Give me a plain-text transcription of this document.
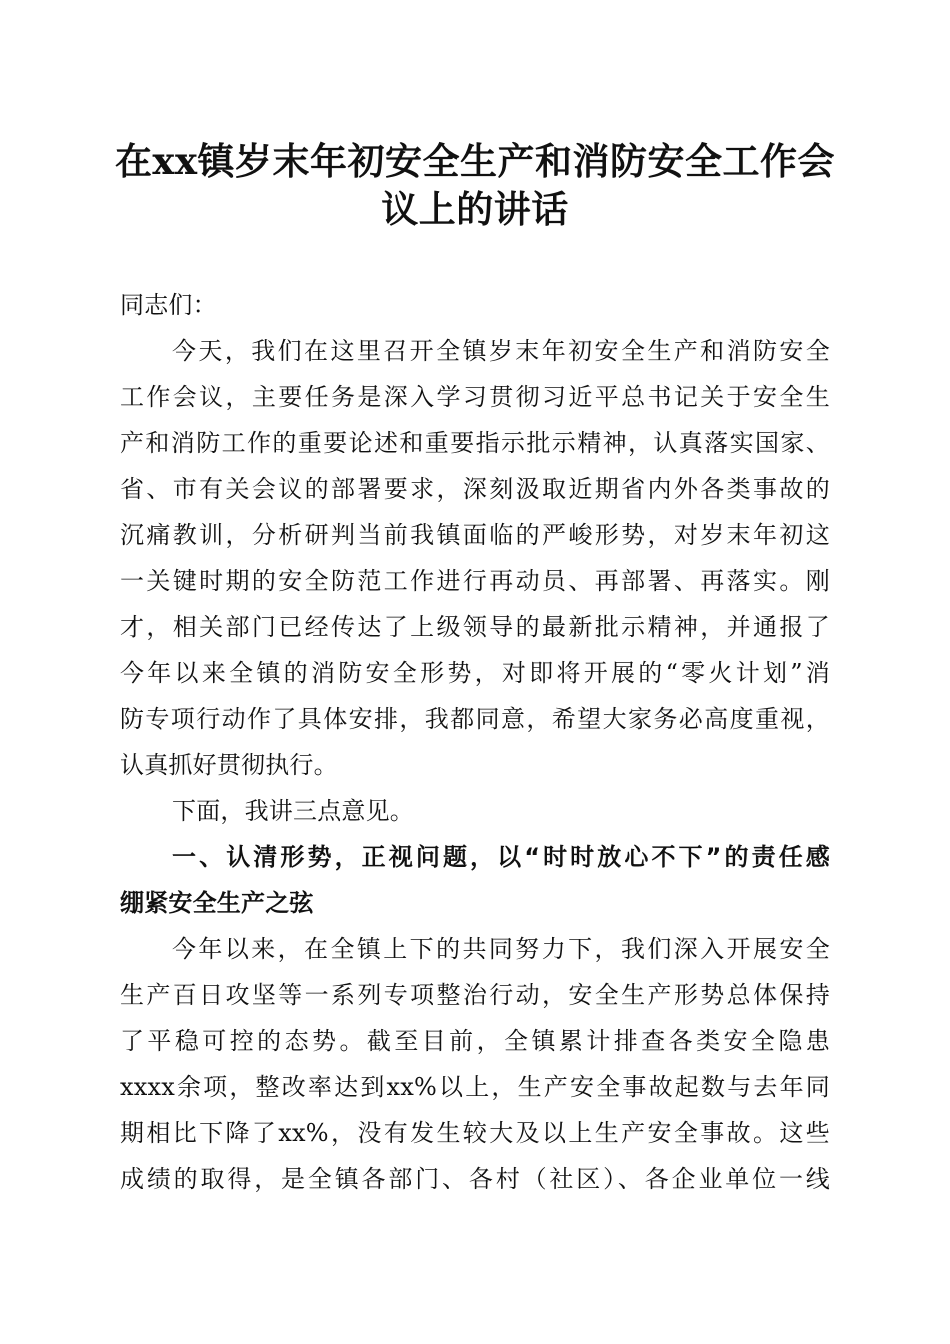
在xx镇岁末年初安全生产和消防安全工作会
议上的讲话
同志们：
今天，我们在这里召开全镇岁末年初安全生产和消防安全
工作会议，主要任务是深入学习贯彻习近平总书记关于安全生
产和消防工作的重要论述和重要指示批示精神，认真落实国家、
省、市有关会议的部署要求，深刻汲取近期省内外各类事故的
沉痛教训，分析研判当前我镇面临的严峻形势，对岁末年初这
一关键时期的安全防范工作进行再动员、再部署、再落实。刚
才，相关部门已经传达了上级领导的最新批示精神，并通报了
今年以来全镇的消防安全形势，对即将开展的“零火计划”消
防专项行动作了具体安排，我都同意，希望大家务必高度重视，
认真抓好贯彻执行。
下面，我讲三点意见。
一、认清形势，正视问题，以“时时放心不下”的责任感
绷紧安全生产之弦
今年以来，在全镇上下的共同努力下，我们深入开展安全
生产百日攻坚等一系列专项整治行动，安全生产形势总体保持
了平稳可控的态势。截至目前，全镇累计排查各类安全隐患
xxxx余项，整改率达到xx%以上，生产安全事故起数与去年同
期相比下降了xx%，没有发生较大及以上生产安全事故。这些
成绩的取得，是全镇各部门、各村（社区）、各企业单位一线
